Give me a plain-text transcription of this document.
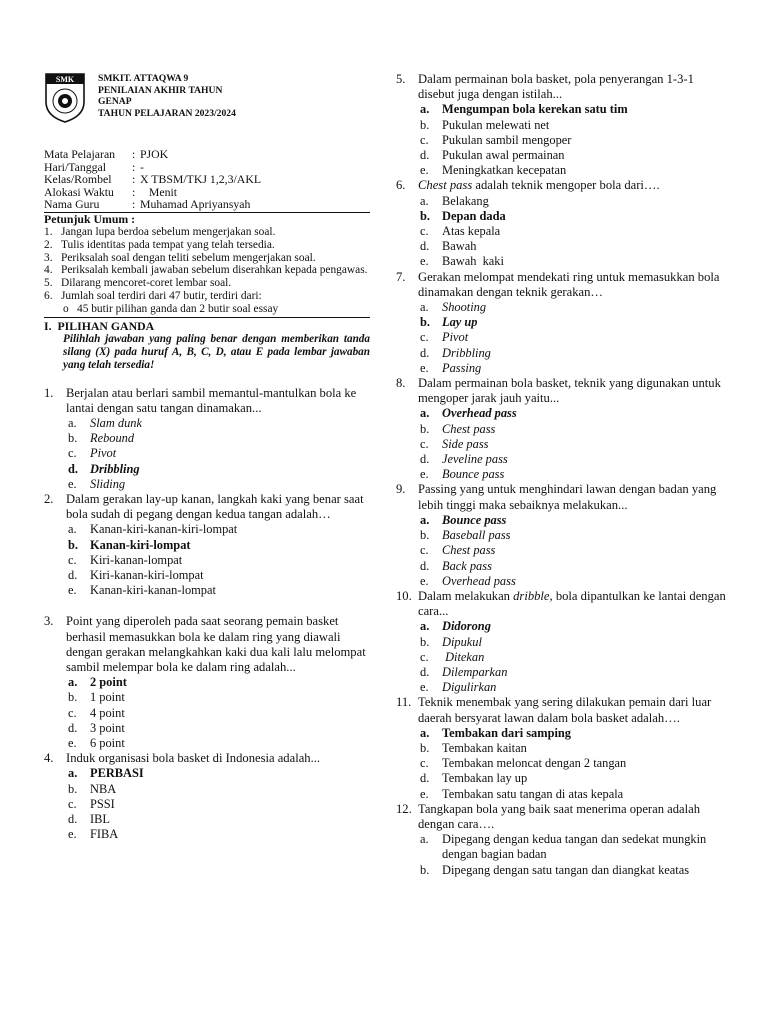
SMK SMKIT. ATTAQWA 9
PENILAIAN AKHIR TAHUN
GENAP
TAHUN PELAJARAN 2023/2024
Mata Pelajaran	: PJOK
Hari/Tanggal	: -
Kelas/Rombel	: X TBSM/TKJ 1,2,3/AKL
Alokasi Waktu	: Menit
Nama Guru	: Muhamad Apriyansyah
Petunjuk Umum :
1. Jangan lupa berdoa sebelum mengerjakan soal.
2. Tulis identitas pada tempat yang telah tersedia.
3. Periksalah soal dengan teliti sebelum mengerjakan soal.
4. Periksalah kembali jawaban sebelum diserahkan kepada pengawas.
5. Dilarang mencoret-coret lembar soal.
6. Jumlah soal terdiri dari 47 butir, terdiri dari:
o 45 butir pilihan ganda dan 2 butir soal essay
I. PILIHAN GANDA
Pilihlah jawaban yang paling benar dengan memberikan tanda silang (X) pada huruf A, B, C, D, atau E pada lembar jawaban yang telah tersedia!
1. Berjalan atau berlari sambil memantul-mantulkan bola ke lantai dengan satu tangan dinamakan...
a.	Slam dunk
b.	Rebound
c.	Pivot
d. Dribbling
e.	Sliding
2. Dalam gerakan lay-up kanan, langkah kaki yang benar saat bola sudah di pegang dengan kedua tangan adalah…
a.	Kanan-kiri-kanan-kiri-lompat
b. Kanan-kiri-lompat
c.	Kiri-kanan-lompat
d.	Kiri-kanan-kiri-lompat
e.	Kanan-kiri-kanan-lompat
3. Point yang diperoleh pada saat seorang pemain basket berhasil memasukkan bola ke dalam ring yang diawali dengan gerakan melangkahkan kaki dua kali lalu melompat sambil melempar bola ke dalam ring adalah...
a.	2 point
b.	1 point
c.	4 point
d.	3 point
e.	6 point
4. Induk organisasi bola basket di Indonesia adalah...
a.	PERBASI
b.	NBA
c.	PSSI
d.	IBL
e.	FIBA
5. Dalam permainan bola basket, pola penyerangan 1-3-1 disebut juga dengan istilah...
a.	Mengumpan bola kerekan satu tim
b.	Pukulan melewati net
c.	Pukulan sambil mengoper
d.	Pukulan awal permainan
e.	Meningkatkan kecepatan
6. Chest pass adalah teknik mengoper bola dari….
a.	Belakang
b. Depan dada
c.	Atas kepala
d.	Bawah
e.	Bawah  kaki
7. Gerakan melompat mendekati ring untuk memasukkan bola dinamakan dengan teknik gerakan…
a.	Shooting
b. Lay up
c.	Pivot
d.	Dribbling
e.	Passing
8. Dalam permainan bola basket, teknik yang digunakan untuk mengoper jarak jauh yaitu...
a.	Overhead pass
b.	Chest pass
c.	Side pass
d.	Jeveline pass
e.	Bounce pass
9. Passing yang untuk menghindari lawan dengan badan yang lebih tinggi maka sebaiknya melakukan...
a.	Bounce pass
b.	Baseball pass
c.	Chest pass
d.	Back pass
e.	Overhead pass
10. Dalam melakukan dribble, bola dipantulkan ke lantai dengan cara...
a.	Didorong
b.	Dipukul
c.	Ditekan
d.	Dilemparkan
e.	Digulirkan
11. Teknik menembak yang sering dilakukan pemain dari luar daerah bersyarat lawan dalam bola basket adalah….
a.	Tembakan dari samping
b.	Tembakan kaitan
c.	Tembakan meloncat dengan 2 tangan
d.	Tembakan lay up
e.	Tembakan satu tangan di atas kepala
12. Tangkapan bola yang baik saat menerima operan adalah dengan cara….
a.	Dipegang dengan kedua tangan dan sedekat mungkin dengan bagian badan
b.	Dipegang dengan satu tangan dan diangkat keatas
